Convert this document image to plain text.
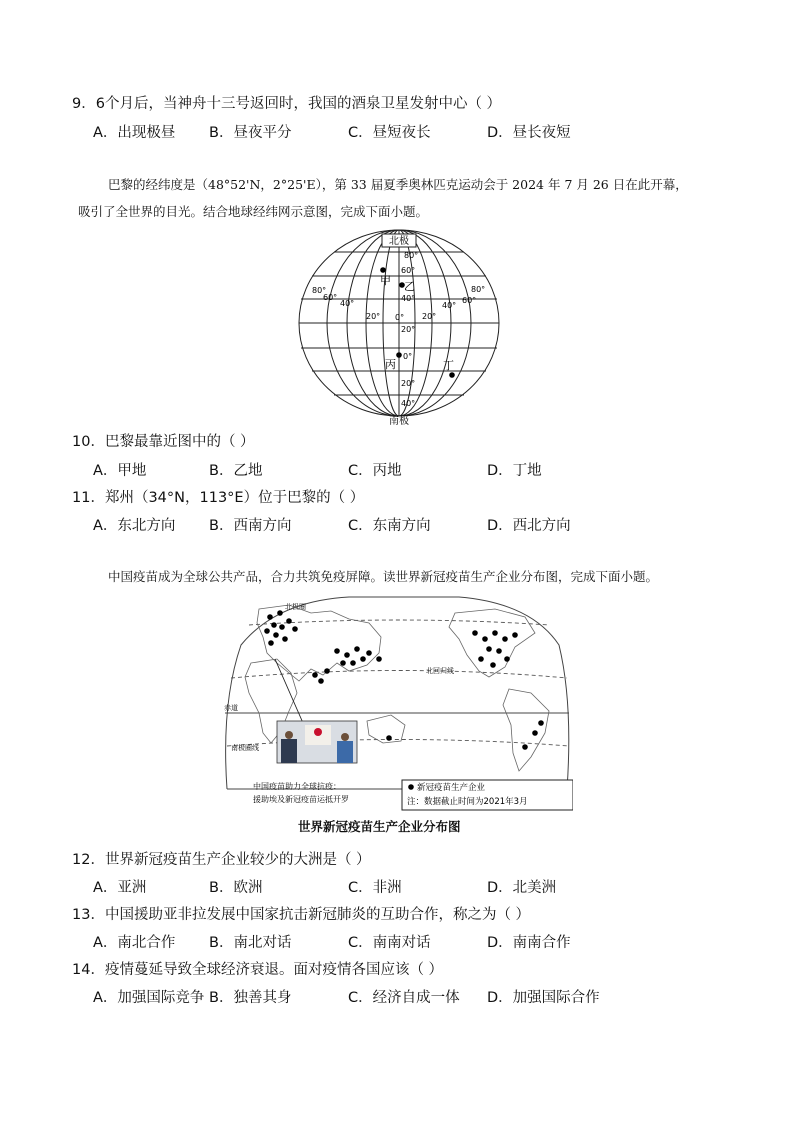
9．6个月后，当神舟十三号返回时，我国的酒泉卫星发射中心（ ）
A．出现极昼 B．昼夜平分	C．昼短夜长	D．昼长夜短
巴黎的经纬度是（48°52'N，2°25'E），第 33 届夏季奥林匹克运动会于 2024 年 7 月 26 日在此开幕，
吸引了全世界的目光。结合地球经纬网示意图，完成下面小题。
北极
80°
60°
40°
20°
0°
20°
40°
80°
60°
40°
20° 0° 20°
40°
60°
80°
甲 乙
丙	丁
南极
10．巴黎最靠近图中的（ ）
A．甲地	B．乙地	C．丙地	D．丁地
11．郑州（34°N，113°E）位于巴黎的（ ）
A．东北方向 B．西南方向	C．东南方向	D．西北方向
中国疫苗成为全球公共产品，合力共筑免疫屏障。读世界新冠疫苗生产企业分布图，完成下面小题。
北极圈
北回归线
赤道
南极圈线
中国疫苗助力全球抗疫：
援助埃及新冠疫苗运抵开罗
新冠疫苗生产企业
注：数据截止时间为2021年3月
世界新冠疫苗生产企业分布图
12．世界新冠疫苗生产企业较少的大洲是（ ）
A．亚洲	B．欧洲	C．非洲	D．北美洲
13．中国援助亚非拉发展中国家抗击新冠肺炎的互助合作，称之为（ ）
A．南北合作 B．南北对话	C．南南对话	D．南南合作
14．疫情蔓延导致全球经济衰退。面对疫情各国应该（ ）
A．加强国际竞争 B．独善其身	C．经济自成一体 D．加强国际合作
